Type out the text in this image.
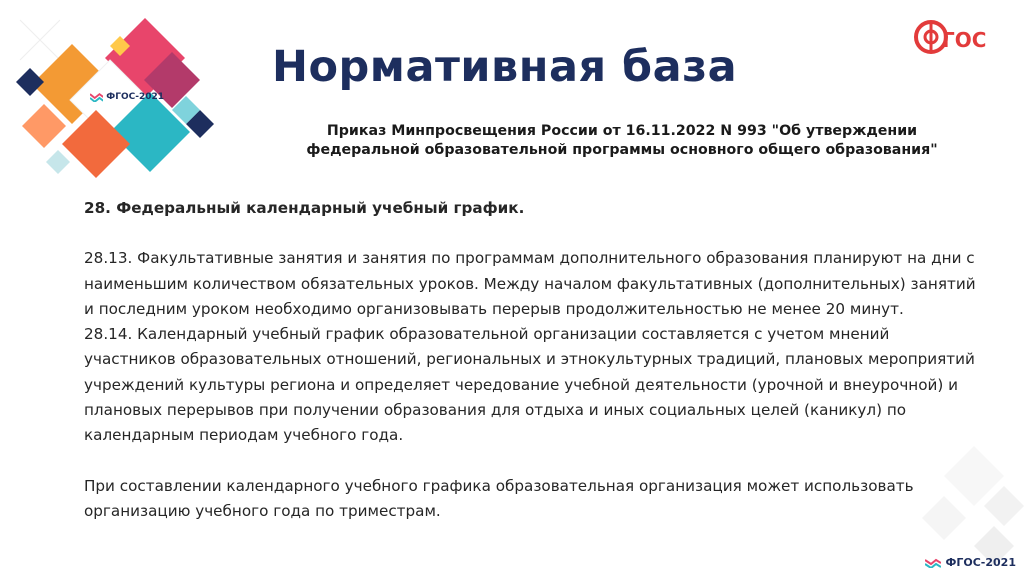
ФГОС-2021
ГОС
Нормативная база
Приказ Минпросвещения России от 16.11.2022 N 993 "Об утверждении
федеральной образовательной программы основного общего образования"

28. Федеральный календарный учебный график.

28.13. Факультативные занятия и занятия по программам дополнительного образования планируют на дни с наименьшим количеством обязательных уроков. Между началом факультативных (дополнительных) занятий и последним уроком необходимо организовывать перерыв продолжительностью не менее 20 минут.

28.14. Календарный учебный график образовательной организации составляется с учетом мнений участников образовательных отношений, региональных и этнокультурных традиций, плановых мероприятий учреждений культуры региона и определяет чередование учебной деятельности (урочной и внеурочной) и плановых перерывов при получении образования для отдыха и иных социальных целей (каникул) по календарным периодам учебного года.

При составлении календарного учебного графика образовательная организация может использовать организацию учебного года по триместрам.

ФГОС-2021
